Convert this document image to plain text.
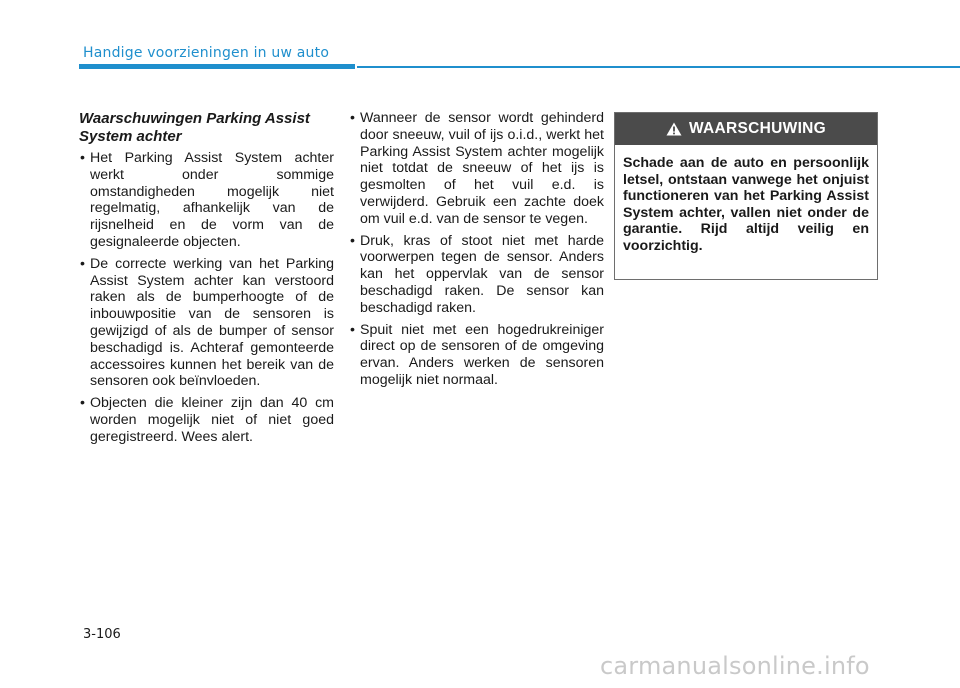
Handige voorzieningen in uw auto
Waarschuwingen Parking Assist
System achter
• Het Parking Assist System achter werkt onder sommige omstandigheden mogelijk niet regelmatig, afhankelijk van de rijsnelheid en de vorm van de gesignaleerde objecten.
• De correcte werking van het Parking Assist System achter kan verstoord raken als de bumperhoogte of de inbouwpositie van de sensoren is gewijzigd of als de bumper of sensor beschadigd is. Achteraf gemonteerde accessoires kunnen het bereik van de sensoren ook beïnvloeden.
• Objecten die kleiner zijn dan 40 cm worden mogelijk niet of niet goed geregistreerd. Wees alert.
• Wanneer de sensor wordt gehinderd door sneeuw, vuil of ijs o.i.d., werkt het Parking Assist System achter mogelijk niet totdat de sneeuw of het ijs is gesmolten of het vuil e.d. is verwijderd. Gebruik een zachte doek om vuil e.d. van de sensor te vegen.
• Druk, kras of stoot niet met harde voorwerpen tegen de sensor. Anders kan het oppervlak van de sensor beschadigd raken. De sensor kan beschadigd raken.
• Spuit niet met een hogedrukreiniger direct op de sensoren of de omgeving ervan. Anders werken de sensoren mogelijk niet normaal.
WAARSCHUWING
Schade aan de auto en persoonlijk letsel, ontstaan vanwege het onjuist functioneren van het Parking Assist System achter, vallen niet onder de garantie. Rijd altijd veilig en voorzichtig.
3-106
carmanualsonline.info
